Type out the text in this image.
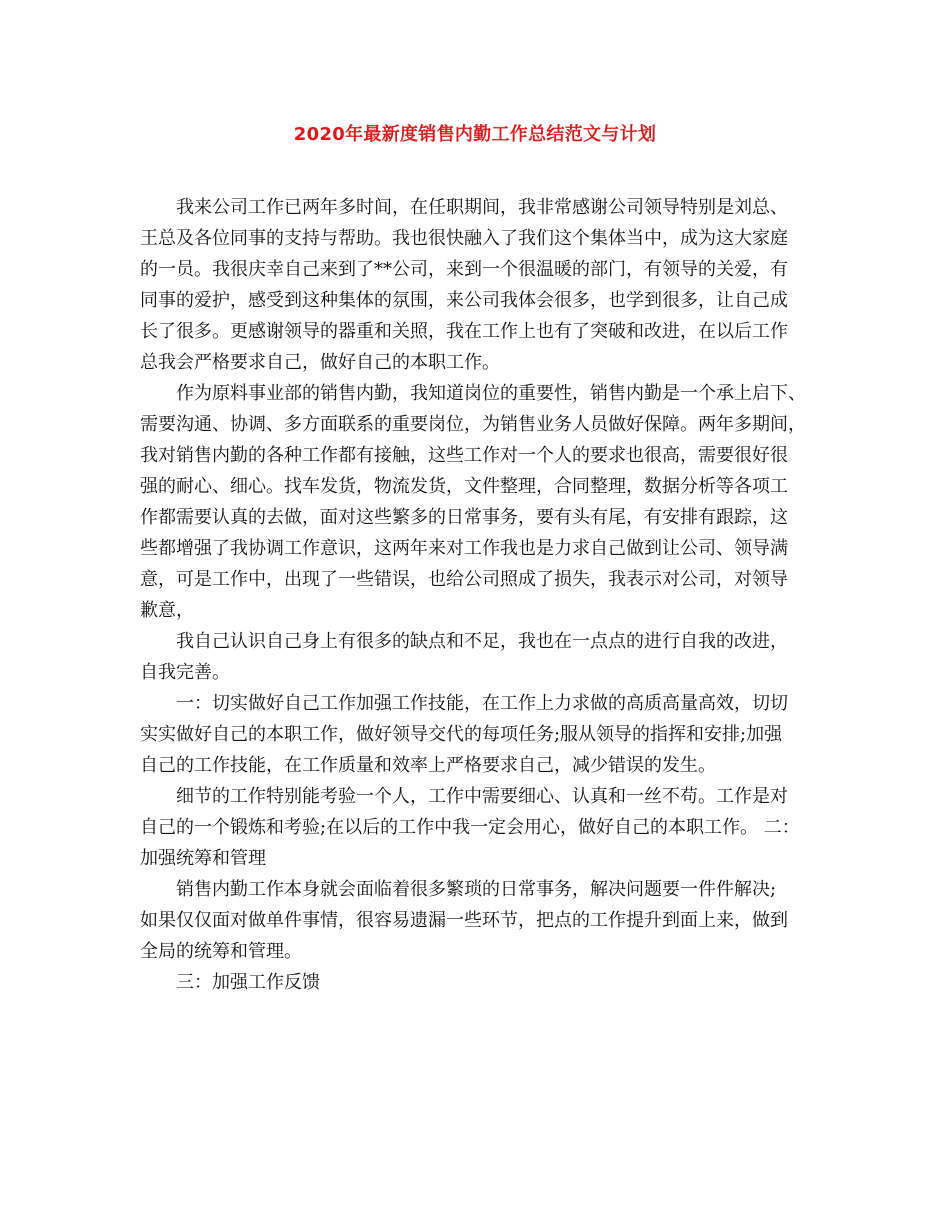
2020年最新度销售内勤工作总结范文与计划

我来公司工作已两年多时间，在任职期间，我非常感谢公司领导特别是刘总、
王总及各位同事的支持与帮助。我也很快融入了我们这个集体当中，成为这大家庭
的一员。我很庆幸自己来到了**公司，来到一个很温暖的部门，有领导的关爱，有
同事的爱护，感受到这种集体的氛围，来公司我体会很多，也学到很多，让自己成
长了很多。更感谢领导的器重和关照，我在工作上也有了突破和改进，在以后工作
总我会严格要求自己，做好自己的本职工作。

作为原料事业部的销售内勤，我知道岗位的重要性，销售内勤是一个承上启下、
需要沟通、协调、多方面联系的重要岗位，为销售业务人员做好保障。两年多期间，
我对销售内勤的各种工作都有接触，这些工作对一个人的要求也很高，需要很好很
强的耐心、细心。找车发货，物流发货，文件整理，合同整理，数据分析等各项工
作都需要认真的去做，面对这些繁多的日常事务，要有头有尾，有安排有跟踪，这
些都增强了我协调工作意识，这两年来对工作我也是力求自己做到让公司、领导满
意，可是工作中，出现了一些错误，也给公司照成了损失，我表示对公司，对领导
歉意，

我自己认识自己身上有很多的缺点和不足，我也在一点点的进行自我的改进，
自我完善。

一：切实做好自己工作加强工作技能，在工作上力求做的高质高量高效，切切
实实做好自己的本职工作，做好领导交代的每项任务;服从领导的指挥和安排;加强
自己的工作技能，在工作质量和效率上严格要求自己，减少错误的发生。

细节的工作特别能考验一个人，工作中需要细心、认真和一丝不苟。工作是对
自己的一个锻炼和考验;在以后的工作中我一定会用心，做好自己的本职工作。 二：
加强统筹和管理

销售内勤工作本身就会面临着很多繁琐的日常事务，解决问题要一件件解决;
如果仅仅面对做单件事情，很容易遗漏一些环节，把点的工作提升到面上来，做到
全局的统筹和管理。

三：加强工作反馈
